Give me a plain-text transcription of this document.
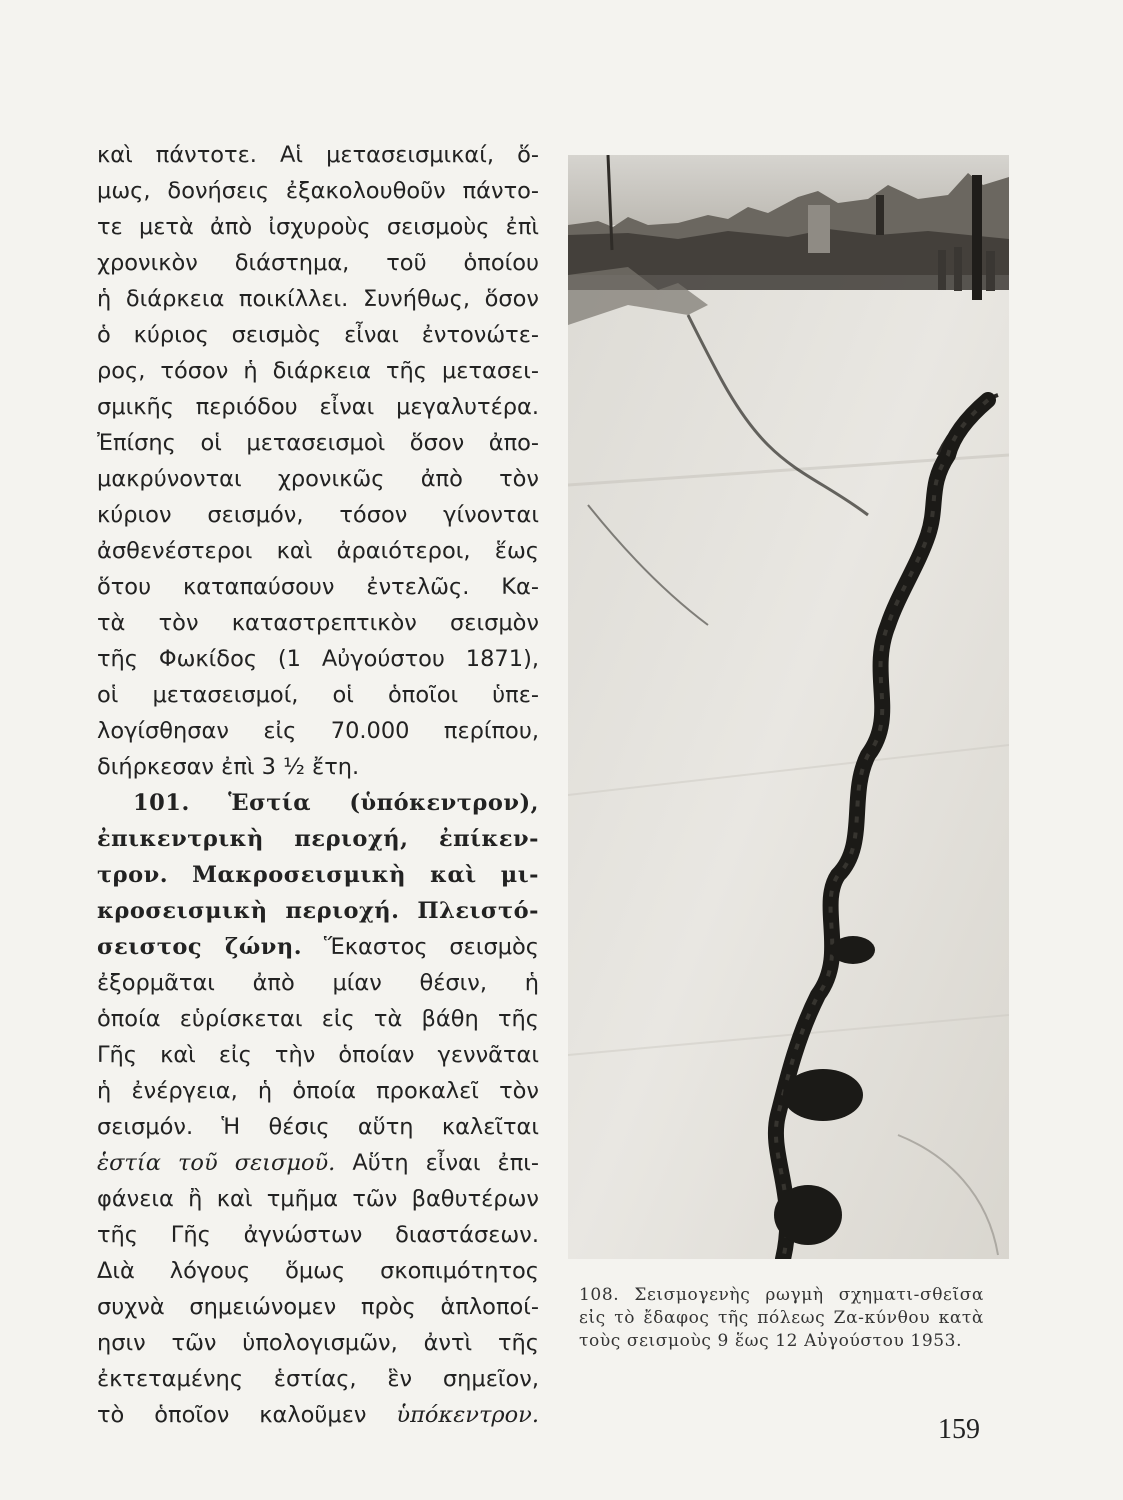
καὶ πάντοτε. Αἱ μετασεισμικαί, ὅ-
μως, δονήσεις ἐξακολουθοῦν πάντο-
τε μετὰ ἀπὸ ἰσχυροὺς σεισμοὺς ἐπὶ
χρονικὸν διάστημα, τοῦ ὁποίου
ἡ διάρκεια ποικίλλει. Συνήθως, ὅσον
ὁ κύριος σεισμὸς εἶναι ἐντονώτε-
ρος, τόσον ἡ διάρκεια τῆς μετασει-
σμικῆς περιόδου εἶναι μεγαλυτέρα.
Ἐπίσης οἱ μετασεισμοὶ ὅσον ἀπο-
μακρύνονται χρονικῶς ἀπὸ τὸν
κύριον σεισμόν, τόσον γίνονται
ἀσθενέστεροι καὶ ἀραιότεροι, ἕως
ὅτου καταπαύσουν ἐντελῶς. Κα-
τὰ τὸν καταστρεπτικὸν σεισμὸν
τῆς Φωκίδος (1 Αὐγούστου 1871),
οἱ μετασεισμοί, οἱ ὁποῖοι ὑπε-
λογίσθησαν εἰς 70.000 περίπου,
διήρκεσαν ἐπὶ 3 ½ ἔτη.
101. Ἑστία (ὑπόκεντρον),
ἐπικεντρικὴ περιοχή, ἐπίκεν-
τρον. Μακροσεισμικὴ καὶ μι-
κροσεισμικὴ περιοχή. Πλειστό-
σειστος ζώνη. Ἕκαστος σεισμὸς
ἐξορμᾶται ἀπὸ μίαν θέσιν, ἡ
ὁποία εὑρίσκεται εἰς τὰ βάθη τῆς
Γῆς καὶ εἰς τὴν ὁποίαν γεννᾶται
ἡ ἐνέργεια, ἡ ὁποία προκαλεῖ τὸν
σεισμόν. Ἡ θέσις αὕτη καλεῖται
ἑστία τοῦ σεισμοῦ. Αὕτη εἶναι ἐπι-
φάνεια ἢ καὶ τμῆμα τῶν βαθυτέρων
τῆς Γῆς ἀγνώστων διαστάσεων.
Διὰ λόγους ὅμως σκοπιμότητος
συχνὰ σημειώνομεν πρὸς ἁπλοποί-
ησιν τῶν ὑπολογισμῶν, ἀντὶ τῆς
ἐκτεταμένης ἑστίας, ἓν σημεῖον,
τὸ ὁποῖον καλοῦμεν ὑπόκεντρον.
108. Σεισμογενὴς ρωγμὴ σχηματι-σθεῖσα εἰς τὸ ἔδαφος τῆς πόλεως Ζα-κύνθου κατὰ τοὺς σεισμοὺς 9 ἕως 12 Αὐγούστου 1953.
159
